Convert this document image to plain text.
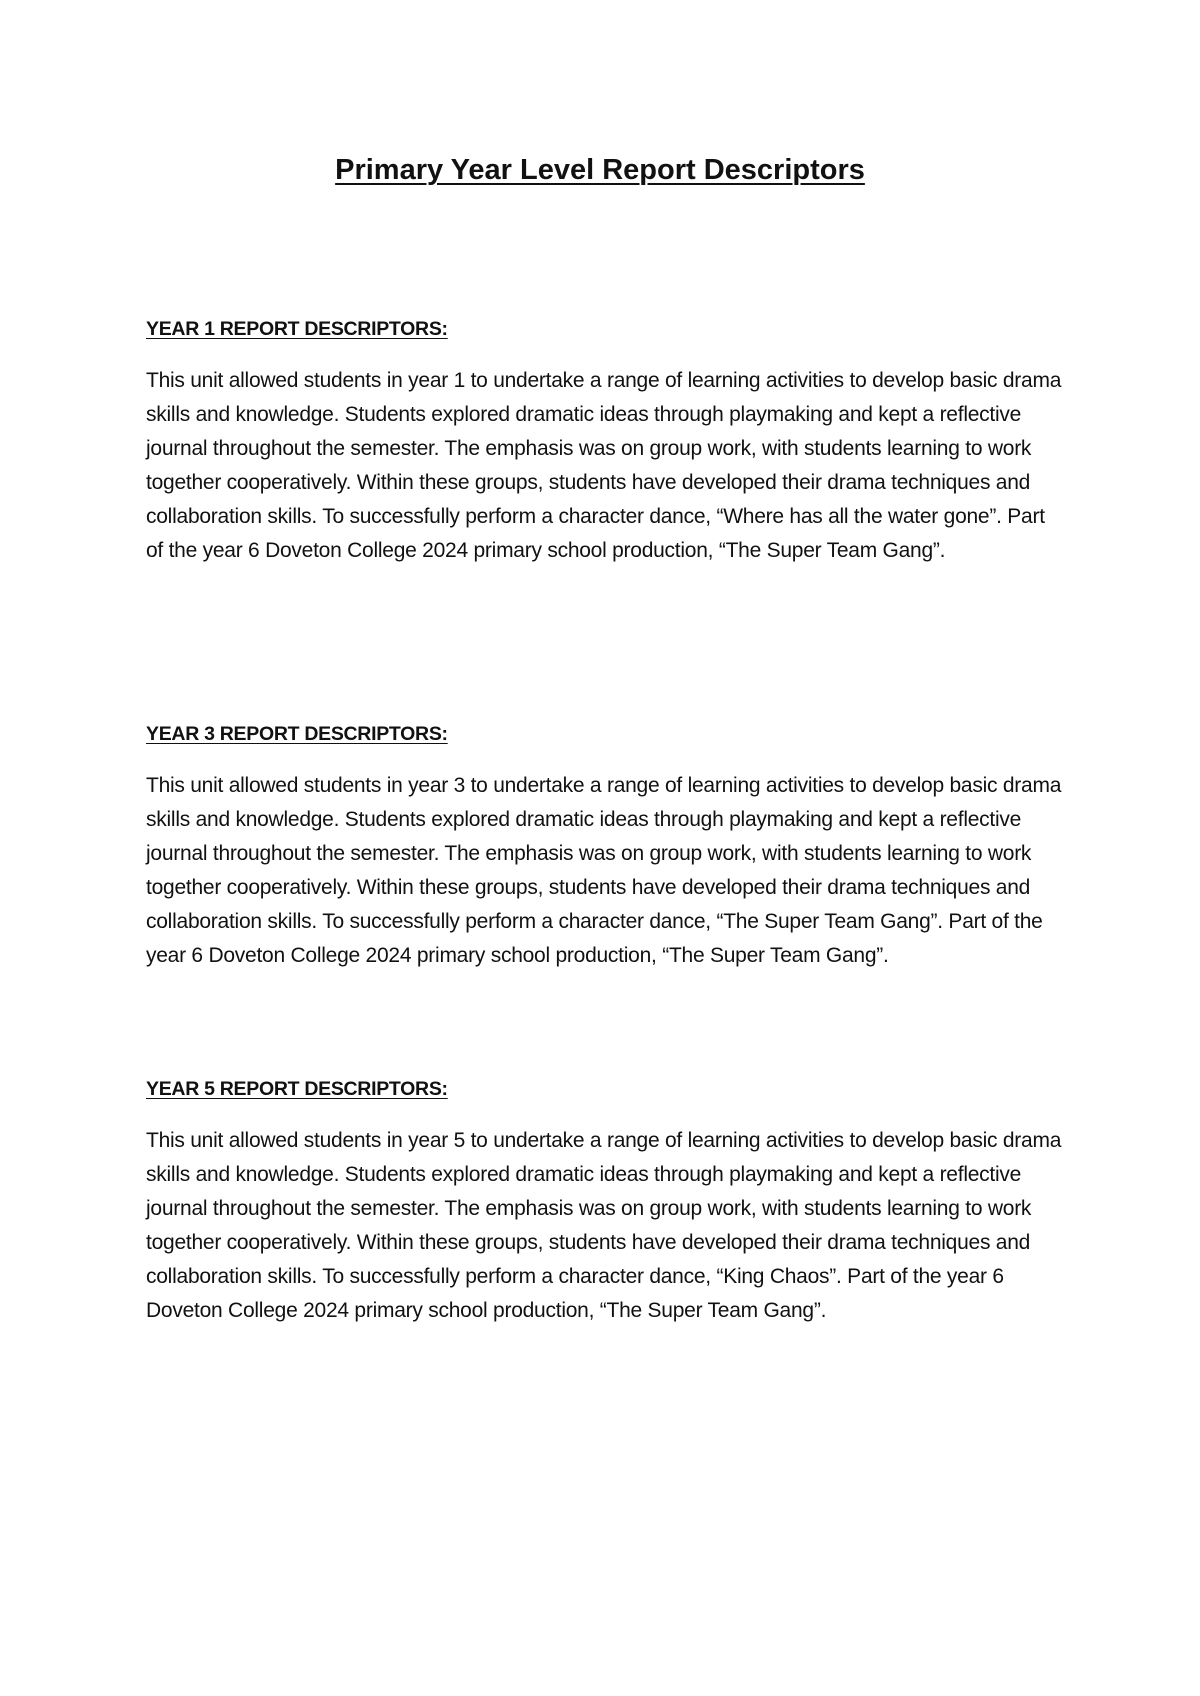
Primary Year Level Report Descriptors
YEAR 1 REPORT DESCRIPTORS:

This unit allowed students in year 1 to undertake a range of learning activities to develop basic drama skills and knowledge. Students explored dramatic ideas through playmaking and kept a reflective journal throughout the semester. The emphasis was on group work, with students learning to work together cooperatively. Within these groups, students have developed their drama techniques and collaboration skills. To successfully perform a character dance, “Where has all the water gone”. Part of the year 6 Doveton College 2024 primary school production, “The Super Team Gang”.

YEAR 3 REPORT DESCRIPTORS:

This unit allowed students in year 3 to undertake a range of learning activities to develop basic drama skills and knowledge. Students explored dramatic ideas through playmaking and kept a reflective journal throughout the semester. The emphasis was on group work, with students learning to work together cooperatively. Within these groups, students have developed their drama techniques and collaboration skills. To successfully perform a character dance, “The Super Team Gang”. Part of the year 6 Doveton College 2024 primary school production, “The Super Team Gang”.

YEAR 5 REPORT DESCRIPTORS:

This unit allowed students in year 5 to undertake a range of learning activities to develop basic drama skills and knowledge. Students explored dramatic ideas through playmaking and kept a reflective journal throughout the semester. The emphasis was on group work, with students learning to work together cooperatively. Within these groups, students have developed their drama techniques and collaboration skills. To successfully perform a character dance, “King Chaos”. Part of the year 6 Doveton College 2024 primary school production, “The Super Team Gang”.
